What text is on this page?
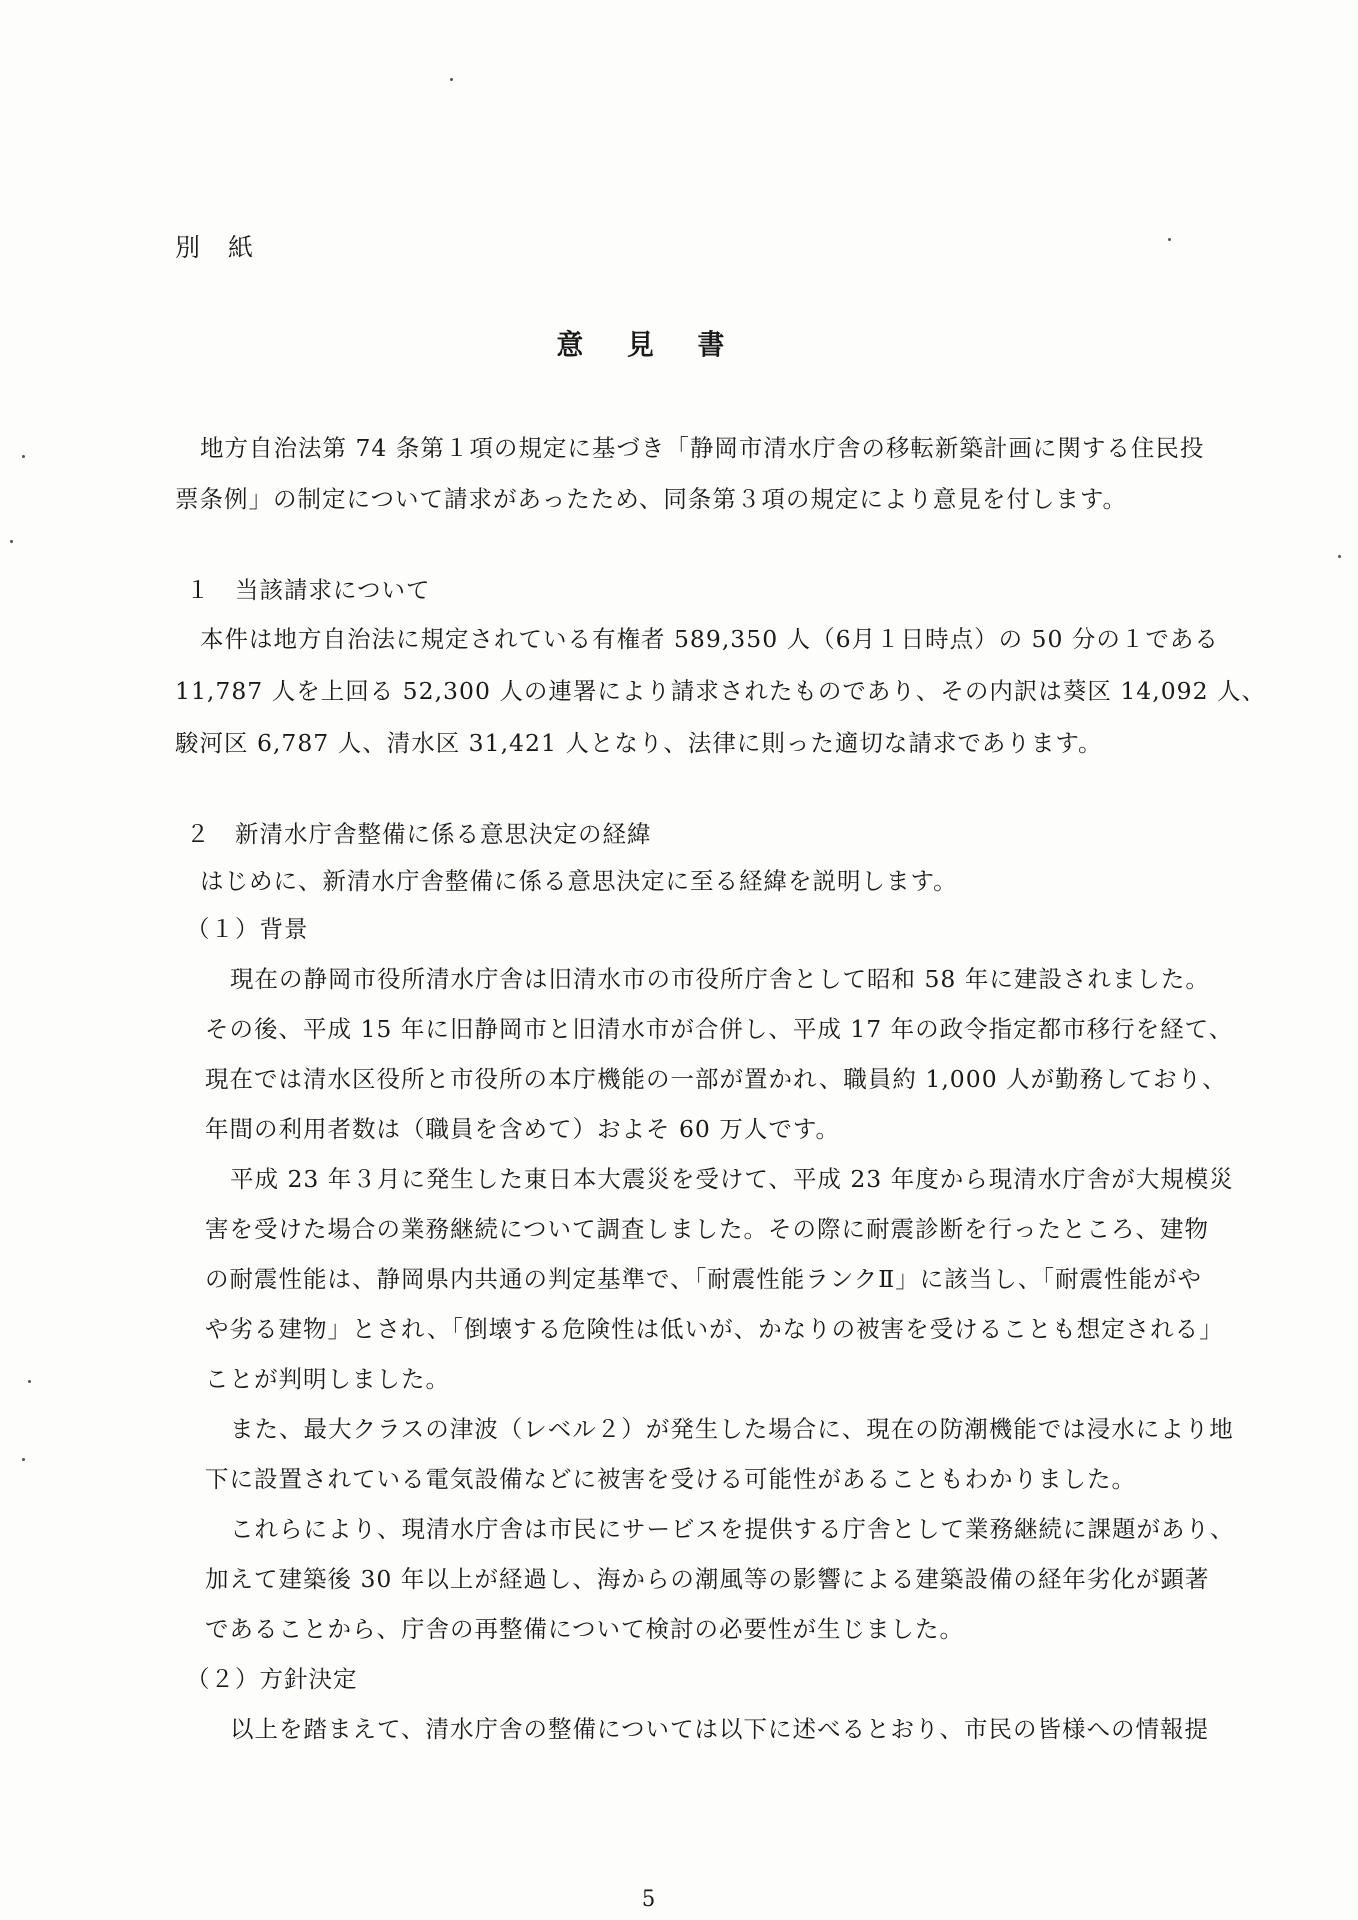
別 紙

意 見 書

地方自治法第 74 条第１項の規定に基づき「静岡市清水庁舎の移転新築計画に関する住民投

票条例」の制定について請求があったため、同条第３項の規定により意見を付します。

１　当該請求について

本件は地方自治法に規定されている有権者 589,350 人（6月１日時点）の 50 分の１である

11,787 人を上回る 52,300 人の連署により請求されたものであり、その内訳は葵区 14,092 人、

駿河区 6,787 人、清水区 31,421 人となり、法律に則った適切な請求であります。

２　新清水庁舎整備に係る意思決定の経緯

はじめに、新清水庁舎整備に係る意思決定に至る経緯を説明します。

（１）背景

現在の静岡市役所清水庁舎は旧清水市の市役所庁舎として昭和 58 年に建設されました。

その後、平成 15 年に旧静岡市と旧清水市が合併し、平成 17 年の政令指定都市移行を経て、

現在では清水区役所と市役所の本庁機能の一部が置かれ、職員約 1,000 人が勤務しており、

年間の利用者数は（職員を含めて）およそ 60 万人です。

平成 23 年３月に発生した東日本大震災を受けて、平成 23 年度から現清水庁舎が大規模災

害を受けた場合の業務継続について調査しました。その際に耐震診断を行ったところ、建物

の耐震性能は、静岡県内共通の判定基準で、「耐震性能ランクⅡ」に該当し、「耐震性能がや

や劣る建物」とされ、「倒壊する危険性は低いが、かなりの被害を受けることも想定される」

ことが判明しました。

また、最大クラスの津波（レベル２）が発生した場合に、現在の防潮機能では浸水により地

下に設置されている電気設備などに被害を受ける可能性があることもわかりました。

これらにより、現清水庁舎は市民にサービスを提供する庁舎として業務継続に課題があり、

加えて建築後 30 年以上が経過し、海からの潮風等の影響による建築設備の経年劣化が顕著

であることから、庁舎の再整備について検討の必要性が生じました。

（２）方針決定

以上を踏まえて、清水庁舎の整備については以下に述べるとおり、市民の皆様への情報提

5
